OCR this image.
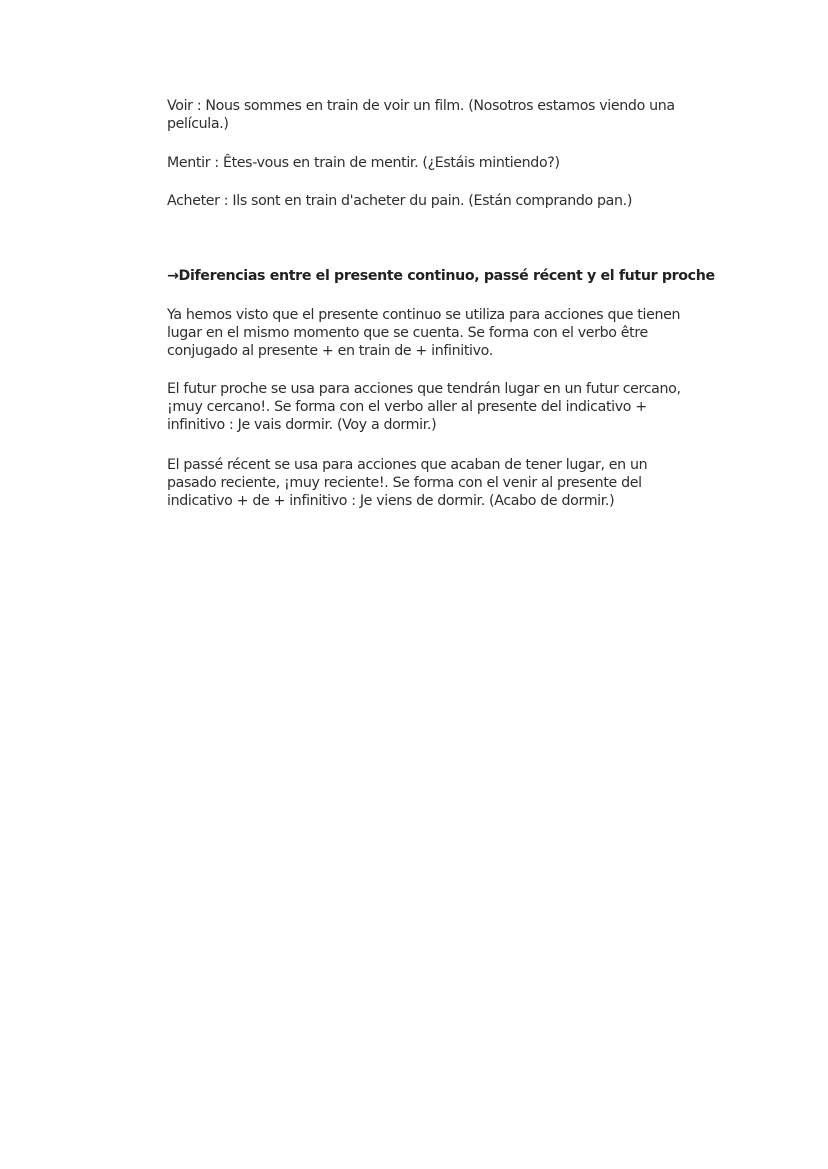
Voir : Nous sommes en train de voir un film. (Nosotros estamos viendo una
película.)
Mentir : Êtes-vous en train de mentir. (¿Estáis mintiendo?)
Acheter : Ils sont en train d'acheter du pain. (Están comprando pan.)
→Diferencias entre el presente continuo, passé récent y el futur proche
Ya hemos visto que el presente continuo se utiliza para acciones que tienen
lugar en el mismo momento que se cuenta. Se forma con el verbo être
conjugado al presente + en train de + infinitivo.
El futur proche se usa para acciones que tendrán lugar en un futur cercano,
¡muy cercano!. Se forma con el verbo aller al presente del indicativo +
infinitivo : Je vais dormir. (Voy a dormir.)
El passé récent se usa para acciones que acaban de tener lugar, en un
pasado reciente, ¡muy reciente!. Se forma con el venir al presente del
indicativo + de + infinitivo : Je viens de dormir. (Acabo de dormir.)
